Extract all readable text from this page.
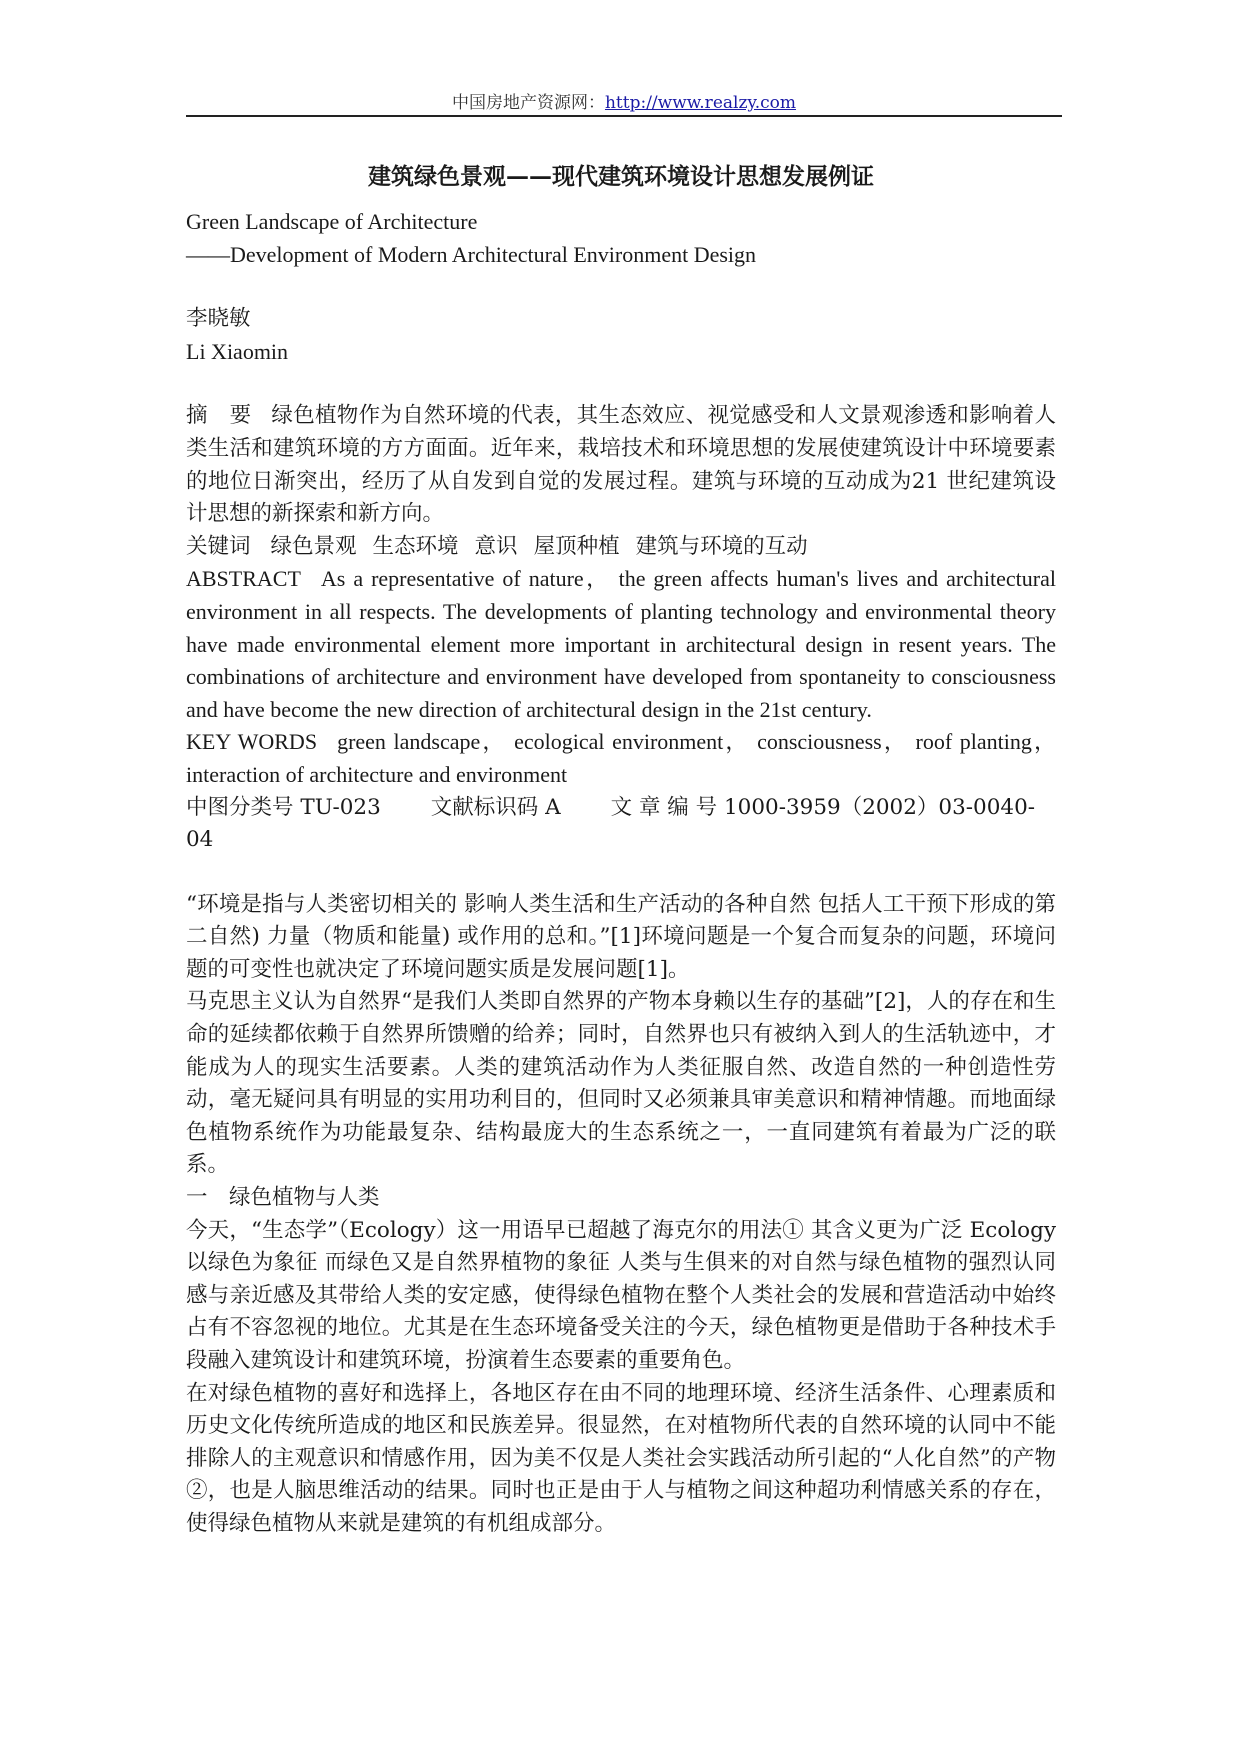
中国房地产资源网：http://www.realzy.com
建筑绿色景观——现代建筑环境设计思想发展例证

Green Landscape of Architecture

——Development of Modern Architectural Environment Design

李晓敏

Li Xiaomin

摘　要 绿色植物作为自然环境的代表，其生态效应、视觉感受和人文景观渗透和影响着人类生活和建筑环境的方方面面。近年来，栽培技术和环境思想的发展使建筑设计中环境要素的地位日渐突出，经历了从自发到自觉的发展过程。建筑与环境的互动成为21 世纪建筑设计思想的新探索和新方向。

关键词 绿色景观 生态环境 意识 屋顶种植 建筑与环境的互动

ABSTRACT As a representative of nature， the green affects human's lives and architectural environment in all respects. The developments of planting technology and environmental theory have made environmental element more important in architectural design in resent years. The combinations of architecture and environment have developed from spontaneity to consciousness and have become the new direction of architectural design in the 21st century.

KEY WORDS green landscape， ecological environment， consciousness， roof planting， interaction of architecture and environment

中图分类号 TU-023 文献标识码 A 文 章 编 号 1000-3959（2002）03-0040-04

“环境是指与人类密切相关的 影响人类生活和生产活动的各种自然 包括人工干预下形成的第二自然) 力量（物质和能量) 或作用的总和。”[1]环境问题是一个复合而复杂的问题，环境问题的可变性也就决定了环境问题实质是发展问题[1]。

马克思主义认为自然界“是我们人类即自然界的产物本身赖以生存的基础”[2]，人的存在和生命的延续都依赖于自然界所馈赠的给养；同时，自然界也只有被纳入到人的生活轨迹中，才能成为人的现实生活要素。人类的建筑活动作为人类征服自然、改造自然的一种创造性劳动，毫无疑问具有明显的实用功利目的，但同时又必须兼具审美意识和精神情趣。而地面绿色植物系统作为功能最复杂、结构最庞大的生态系统之一，一直同建筑有着最为广泛的联系。

一　绿色植物与人类

今天，“生态学”（Ecology）这一用语早已超越了海克尔的用法① 其含义更为广泛 Ecology 以绿色为象征 而绿色又是自然界植物的象征 人类与生俱来的对自然与绿色植物的强烈认同感与亲近感及其带给人类的安定感，使得绿色植物在整个人类社会的发展和营造活动中始终占有不容忽视的地位。尤其是在生态环境备受关注的今天，绿色植物更是借助于各种技术手段融入建筑设计和建筑环境，扮演着生态要素的重要角色。

在对绿色植物的喜好和选择上，各地区存在由不同的地理环境、经济生活条件、心理素质和历史文化传统所造成的地区和民族差异。很显然，在对植物所代表的自然环境的认同中不能排除人的主观意识和情感作用，因为美不仅是人类社会实践活动所引起的“人化自然”的产物②，也是人脑思维活动的结果。同时也正是由于人与植物之间这种超功利情感关系的存在，使得绿色植物从来就是建筑的有机组成部分。
